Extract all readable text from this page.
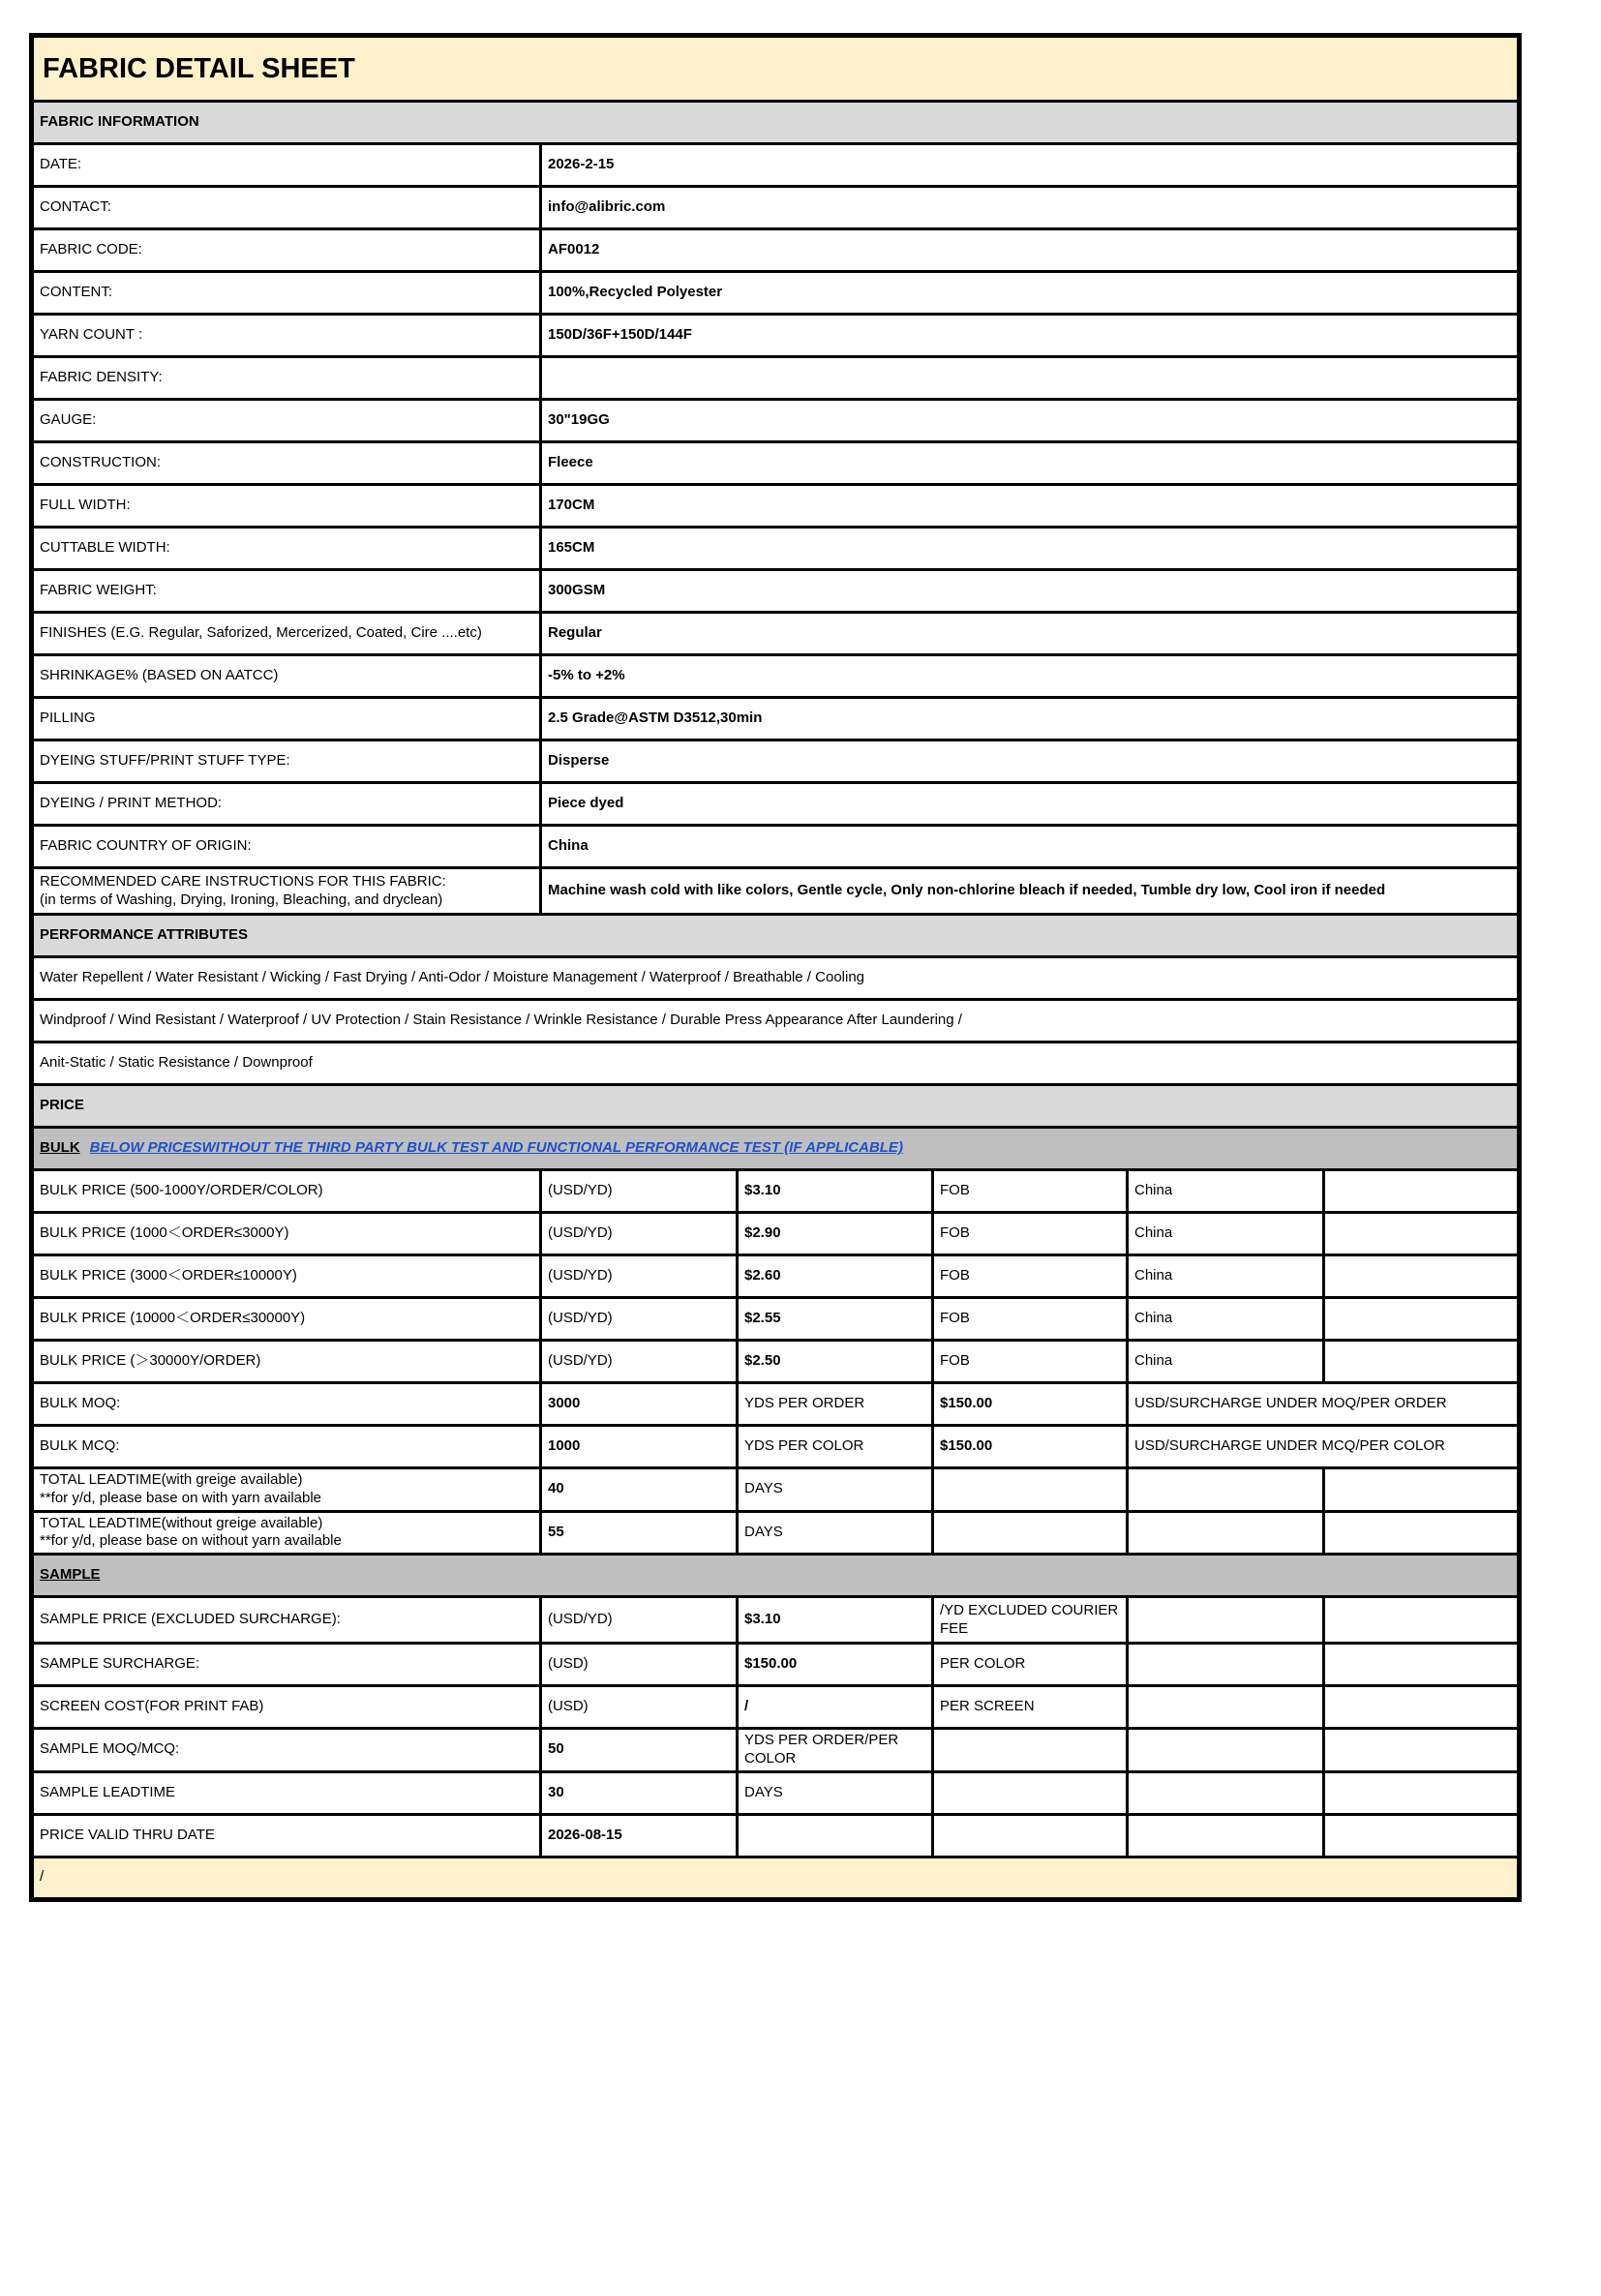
FABRIC DETAIL SHEET					
FABRIC INFORMATION					
DATE:	2026-2-15				
CONTACT:	info@alibric.com				
FABRIC CODE:	AF0012				
CONTENT:	100%,Recycled Polyester				
YARN COUNT :	150D/36F+150D/144F				
FABRIC DENSITY:					
GAUGE:	30"19GG				
CONSTRUCTION:	Fleece				
FULL WIDTH:	170CM				
CUTTABLE WIDTH:	165CM				
FABRIC WEIGHT:	300GSM				
FINISHES (E.G. Regular, Saforized, Mercerized, Coated, Cire ....etc)	Regular				
SHRINKAGE% (BASED ON AATCC)	-5% to +2%				
PILLING	2.5 Grade@ASTM D3512,30min				
DYEING STUFF/PRINT STUFF TYPE:	Disperse				
DYEING / PRINT METHOD:	Piece dyed				
FABRIC COUNTRY OF ORIGIN:	China				

RECOMMENDED CARE INSTRUCTIONS FOR THIS FABRIC:
(in terms of Washing, Drying, Ironing, Bleaching, and dryclean)	Machine wash cold with like colors, Gentle cycle, Only non-chlorine bleach if needed, Tumble dry low, Cool iron if needed				
PERFORMANCE ATTRIBUTES					
Water Repellent / Water Resistant / Wicking / Fast Drying / Anti-Odor / Moisture Management / Waterproof / Breathable / Cooling					
Windproof / Wind Resistant / Waterproof / UV Protection / Stain Resistance / Wrinkle Resistance / Durable Press Appearance After Laundering /					
Anit-Static / Static Resistance / Downproof					
PRICE					
BULK BELOW PRICESWITHOUT THE THIRD PARTY BULK TEST AND FUNCTIONAL PERFORMANCE TEST (IF APPLICABLE)					
BULK PRICE (500-1000Y/ORDER/COLOR)	(USD/YD)	$3.10	FOB	China	
BULK PRICE (1000＜ORDER≤3000Y)	(USD/YD)	$2.90	FOB	China	
BULK PRICE (3000＜ORDER≤10000Y)	(USD/YD)	$2.60	FOB	China	
BULK PRICE (10000＜ORDER≤30000Y)	(USD/YD)	$2.55	FOB	China	
BULK PRICE (＞30000Y/ORDER)	(USD/YD)	$2.50	FOB	China	
BULK MOQ:	3000	YDS PER ORDER	$150.00	USD/SURCHARGE UNDER MOQ/PER ORDER	
BULK MCQ:	1000	YDS PER COLOR	$150.00	USD/SURCHARGE UNDER MCQ/PER COLOR	

TOTAL LEADTIME(with greige available)
**for y/d, please base on with yarn available	40	DAYS			

TOTAL LEADTIME(without greige available)
**for y/d, please base on without yarn available	55	DAYS			
SAMPLE					
SAMPLE PRICE (EXCLUDED SURCHARGE):	(USD/YD)	$3.10	/YD EXCLUDED COURIER FEE		
SAMPLE SURCHARGE:	(USD)	$150.00	PER COLOR		
SCREEN COST(FOR PRINT FAB)	(USD)	/	PER SCREEN		
SAMPLE MOQ/MCQ:	50	YDS PER ORDER/PER COLOR			
SAMPLE LEADTIME	30	DAYS			
PRICE VALID THRU DATE	2026-08-15				
/					
